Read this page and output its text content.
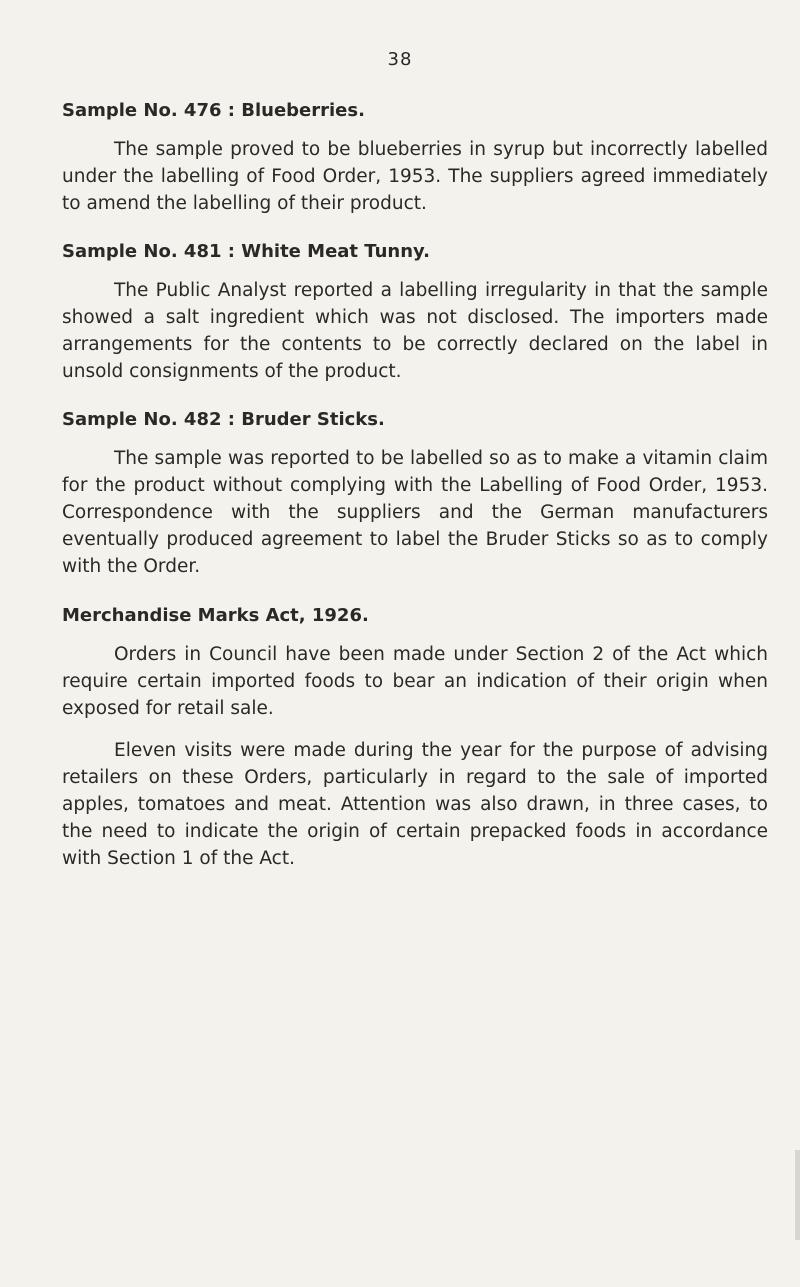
38
Sample No. 476 : Blueberries.

The sample proved to be blueberries in syrup but incorrectly labelled under the labelling of Food Order, 1953. The suppliers agreed immediately to amend the labelling of their product.

Sample No. 481 : White Meat Tunny.

The Public Analyst reported a labelling irregularity in that the sample showed a salt ingredient which was not disclosed. The importers made arrangements for the contents to be correctly declared on the label in unsold consignments of the product.

Sample No. 482 : Bruder Sticks.

The sample was reported to be labelled so as to make a vitamin claim for the product without complying with the Labelling of Food Order, 1953. Correspondence with the suppliers and the German manufacturers eventually produced agreement to label the Bruder Sticks so as to comply with the Order.

Merchandise Marks Act, 1926.

Orders in Council have been made under Section 2 of the Act which require certain imported foods to bear an indication of their origin when exposed for retail sale.

Eleven visits were made during the year for the purpose of advising retailers on these Orders, particularly in regard to the sale of imported apples, tomatoes and meat. Attention was also drawn, in three cases, to the need to indicate the origin of certain prepacked foods in accordance with Section 1 of the Act.
